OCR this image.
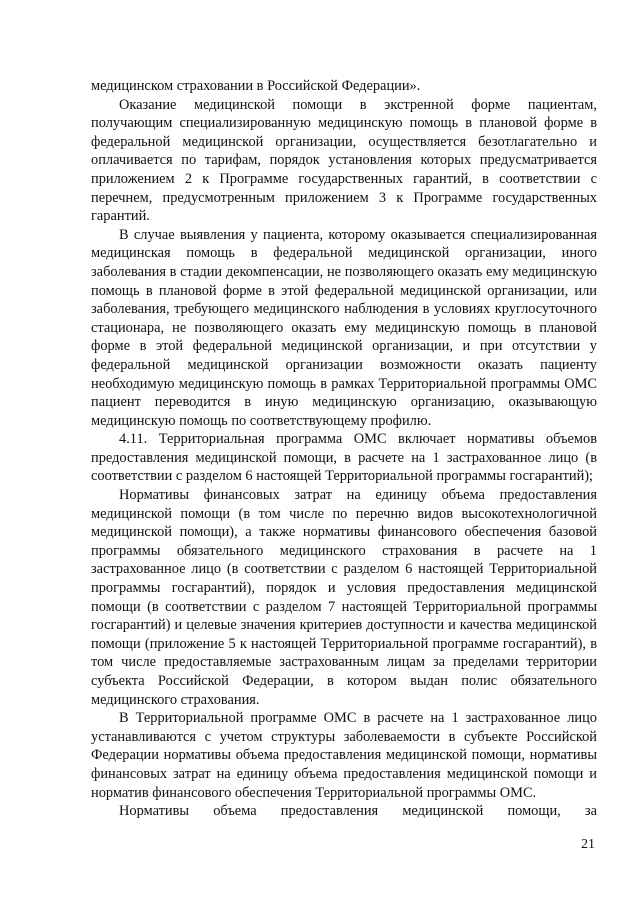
медицинском страховании в Российской Федерации».

Оказание медицинской помощи в экстренной форме пациентам, получающим специализированную медицинскую помощь в плановой форме в федеральной медицинской организации, осуществляется безотлагательно и оплачивается по тарифам, порядок установления которых предусматривается приложением 2 к Программе государственных гарантий, в соответствии с перечнем, предусмотренным приложением 3 к Программе государственных гарантий.

В случае выявления у пациента, которому оказывается специализированная медицинская помощь в федеральной медицинской организации, иного заболевания в стадии декомпенсации, не позволяющего оказать ему медицинскую помощь в плановой форме в этой федеральной медицинской организации, или заболевания, требующего медицинского наблюдения в условиях круглосуточного стационара, не позволяющего оказать ему медицинскую помощь в плановой форме в этой федеральной медицинской организации, и при отсутствии у федеральной медицинской организации возможности оказать пациенту необходимую медицинскую помощь в рамках Территориальной программы ОМС пациент переводится в иную медицинскую организацию, оказывающую медицинскую помощь по соответствующему профилю.

4.11. Территориальная программа ОМС включает нормативы объемов предоставления медицинской помощи, в расчете на 1 застрахованное лицо (в соответствии с разделом 6 настоящей Территориальной программы госгарантий);

Нормативы финансовых затрат на единицу объема предоставления медицинской помощи (в том числе по перечню видов высокотехнологичной медицинской помощи), а также нормативы финансового обеспечения базовой программы обязательного медицинского страхования в расчете на 1 застрахованное лицо (в соответствии с разделом 6 настоящей Территориальной программы госгарантий), порядок и условия предоставления медицинской помощи (в соответствии с разделом 7 настоящей Территориальной программы госгарантий) и целевые значения критериев доступности и качества медицинской помощи (приложение 5 к настоящей Территориальной программе госгарантий), в том числе предоставляемые застрахованным лицам за пределами территории субъекта Российской Федерации, в котором выдан полис обязательного медицинского страхования.

В Территориальной программе ОМС в расчете на 1 застрахованное лицо устанавливаются с учетом структуры заболеваемости в субъекте Российской Федерации нормативы объема предоставления медицинской помощи, нормативы финансовых затрат на единицу объема предоставления медицинской помощи и норматив финансового обеспечения Территориальной программы ОМС.

Нормативы объема предоставления медицинской помощи, за

21
